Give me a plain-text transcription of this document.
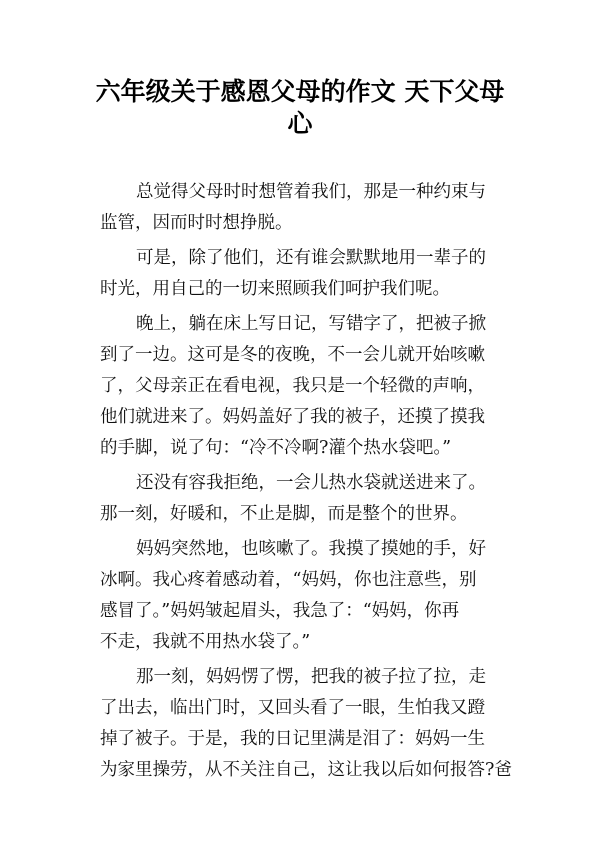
六年级关于感恩父母的作文 天下父母
心

总觉得父母时时想管着我们，那是一种约束与

监管，因而时时想挣脱。

可是，除了他们，还有谁会默默地用一辈子的

时光，用自己的一切来照顾我们呵护我们呢。

晚上，躺在床上写日记，写错字了，把被子掀

到了一边。这可是冬的夜晚，不一会儿就开始咳嗽

了，父母亲正在看电视，我只是一个轻微的声响，

他们就进来了。妈妈盖好了我的被子，还摸了摸我

的手脚，说了句：“冷不冷啊?灌个热水袋吧。”

还没有容我拒绝，一会儿热水袋就送进来了。

那一刻，好暖和，不止是脚，而是整个的世界。

妈妈突然地，也咳嗽了。我摸了摸她的手，好

冰啊。我心疼着感动着，“妈妈，你也注意些，别

感冒了。”妈妈皱起眉头，我急了：“妈妈，你再

不走，我就不用热水袋了。”

那一刻，妈妈愣了愣，把我的被子拉了拉，走

了出去，临出门时，又回头看了一眼，生怕我又蹬

掉了被子。于是，我的日记里满是泪了：妈妈一生

为家里操劳，从不关注自己，这让我以后如何报答?爸
